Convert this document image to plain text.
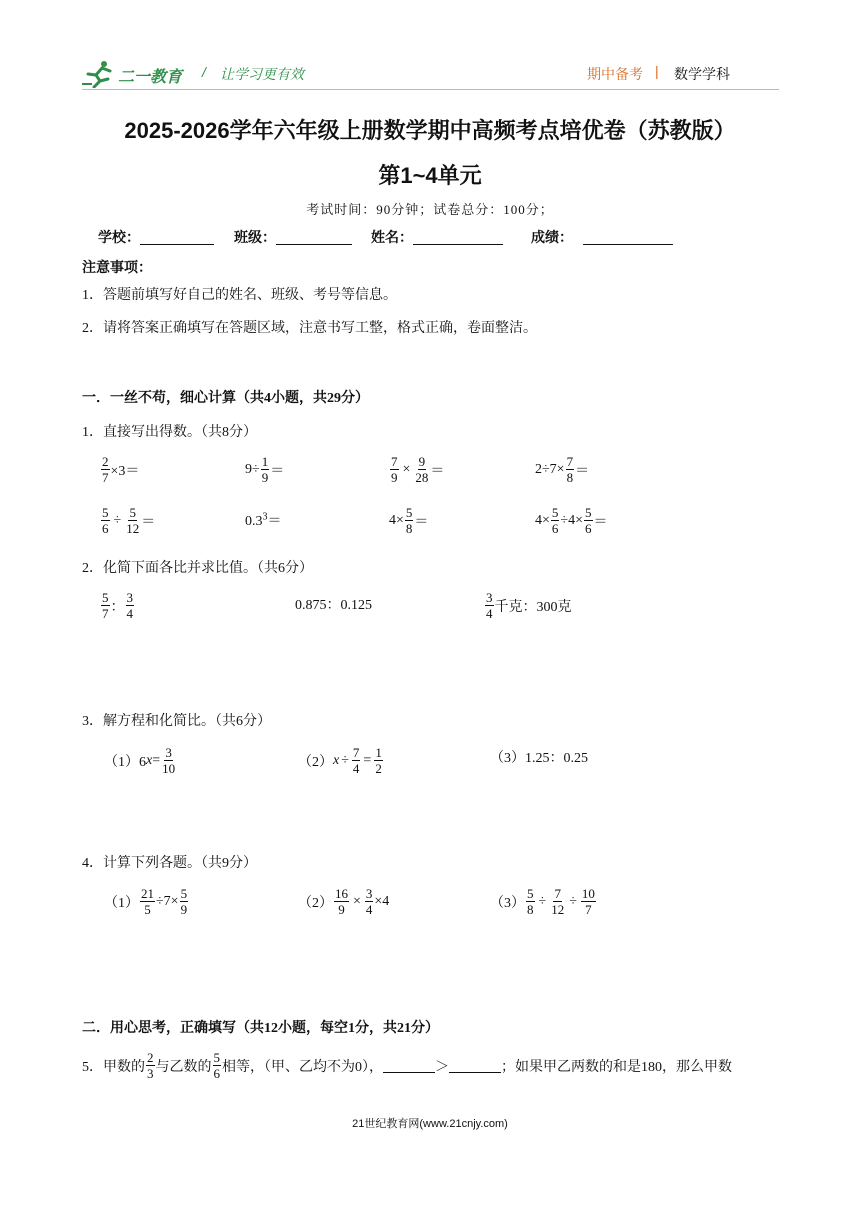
二一教育 / 让学习更有效	期中备考 | 数学学科
2025-2026学年六年级上册数学期中高频考点培优卷（苏教版）
第1~4单元
考试时间：90分钟；试卷总分：100分；
学校：	班级：	姓名：	成绩：
注意事项：
1．答题前填写好自己的姓名、班级、考号等信息。
2．请将答案正确填写在答题区域，注意书写工整，格式正确，卷面整洁。
一．一丝不苟，细心计算（共4小题，共29分）
1．直接写出得数。（共8分）
$\frac{2}{7} \times 3=$	$9\div \frac{1}{9}$ ＝	$\frac{7}{9} \times \frac{9}{28}$ ＝	$2\div 7\times \frac{7}{8}$ ＝
$\frac{5}{6} \div \frac{5}{12}$ ＝	$0.3^3=$	$4\times \frac{5}{8}$ ＝	$4\times \frac{5}{6} \div 4\times \frac{5}{6}$ ＝
2．化简下面各比并求比值。（共6分）
$\frac{5}{7}$ ： $\frac{3}{4}$	0.875：0.125	$\frac{3}{4}$ 千克：300克
3．解方程和化简比。（共6分）
（1）6 $x = \frac{3}{10}$	（2） $x \div \frac{7}{4} = \frac{1}{2}$	（3）1.25：0.25
4．计算下列各题。（共9分）
$(1) \frac{21}{5} \div 7\times \frac{5}{9}$	$(2) \frac{16}{9} \times \frac{3}{4} \times 4$	$(3) \frac{5}{8} \div \frac{7}{12} \div \frac{10}{7}$
二．用心思考，正确填写（共12小题，每空1分，共21分）
5．甲数的 $\frac{2}{3}$ 与乙数的 $\frac{5}{6}$ 相等，（甲、乙均不为0），	＞	；如果甲乙两数的和是180，那么甲数
21世纪教育网(www.21cnjy.com)
